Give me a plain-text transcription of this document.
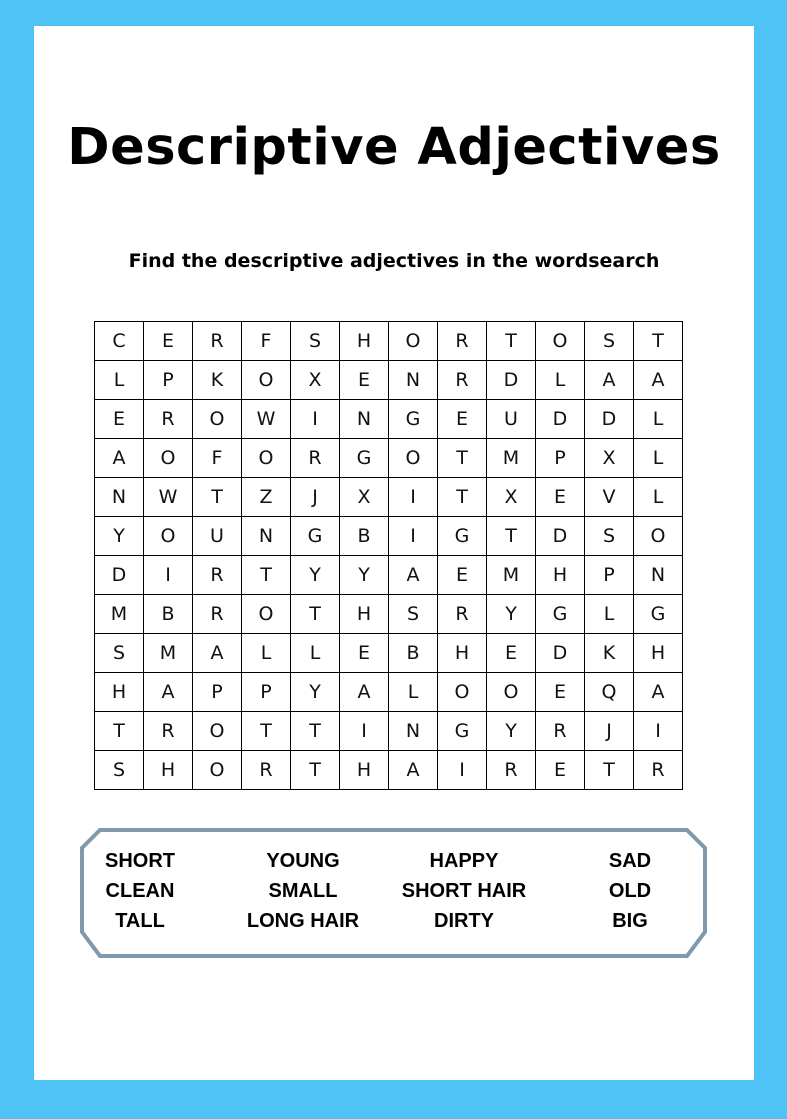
Descriptive Adjectives
Find the descriptive adjectives in the wordsearch
C	E	R	F	S	H	O	R	T	O	S	T
L	P	K	O	X	E	N	R	D	L	A	A
E	R	O	W	I	N	G	E	U	D	D	L
A	O	F	O	R	G	O	T	M	P	X	L
N	W	T	Z	J	X	I	T	X	E	V	L
Y	O	U	N	G	B	I	G	T	D	S	O
D	I	R	T	Y	Y	A	E	M	H	P	N
M	B	R	O	T	H	S	R	Y	G	L	G
S	M	A	L	L	E	B	H	E	D	K	H
H	A	P	P	Y	A	L	O	O	E	Q	A
T	R	O	T	T	I	N	G	Y	R	J	I
S	H	O	R	T	H	A	I	R	E	T	R
SHORT
CLEAN
TALL
YOUNG
SMALL
LONG HAIR
HAPPY
SHORT HAIR
DIRTY
SAD
OLD
BIG
